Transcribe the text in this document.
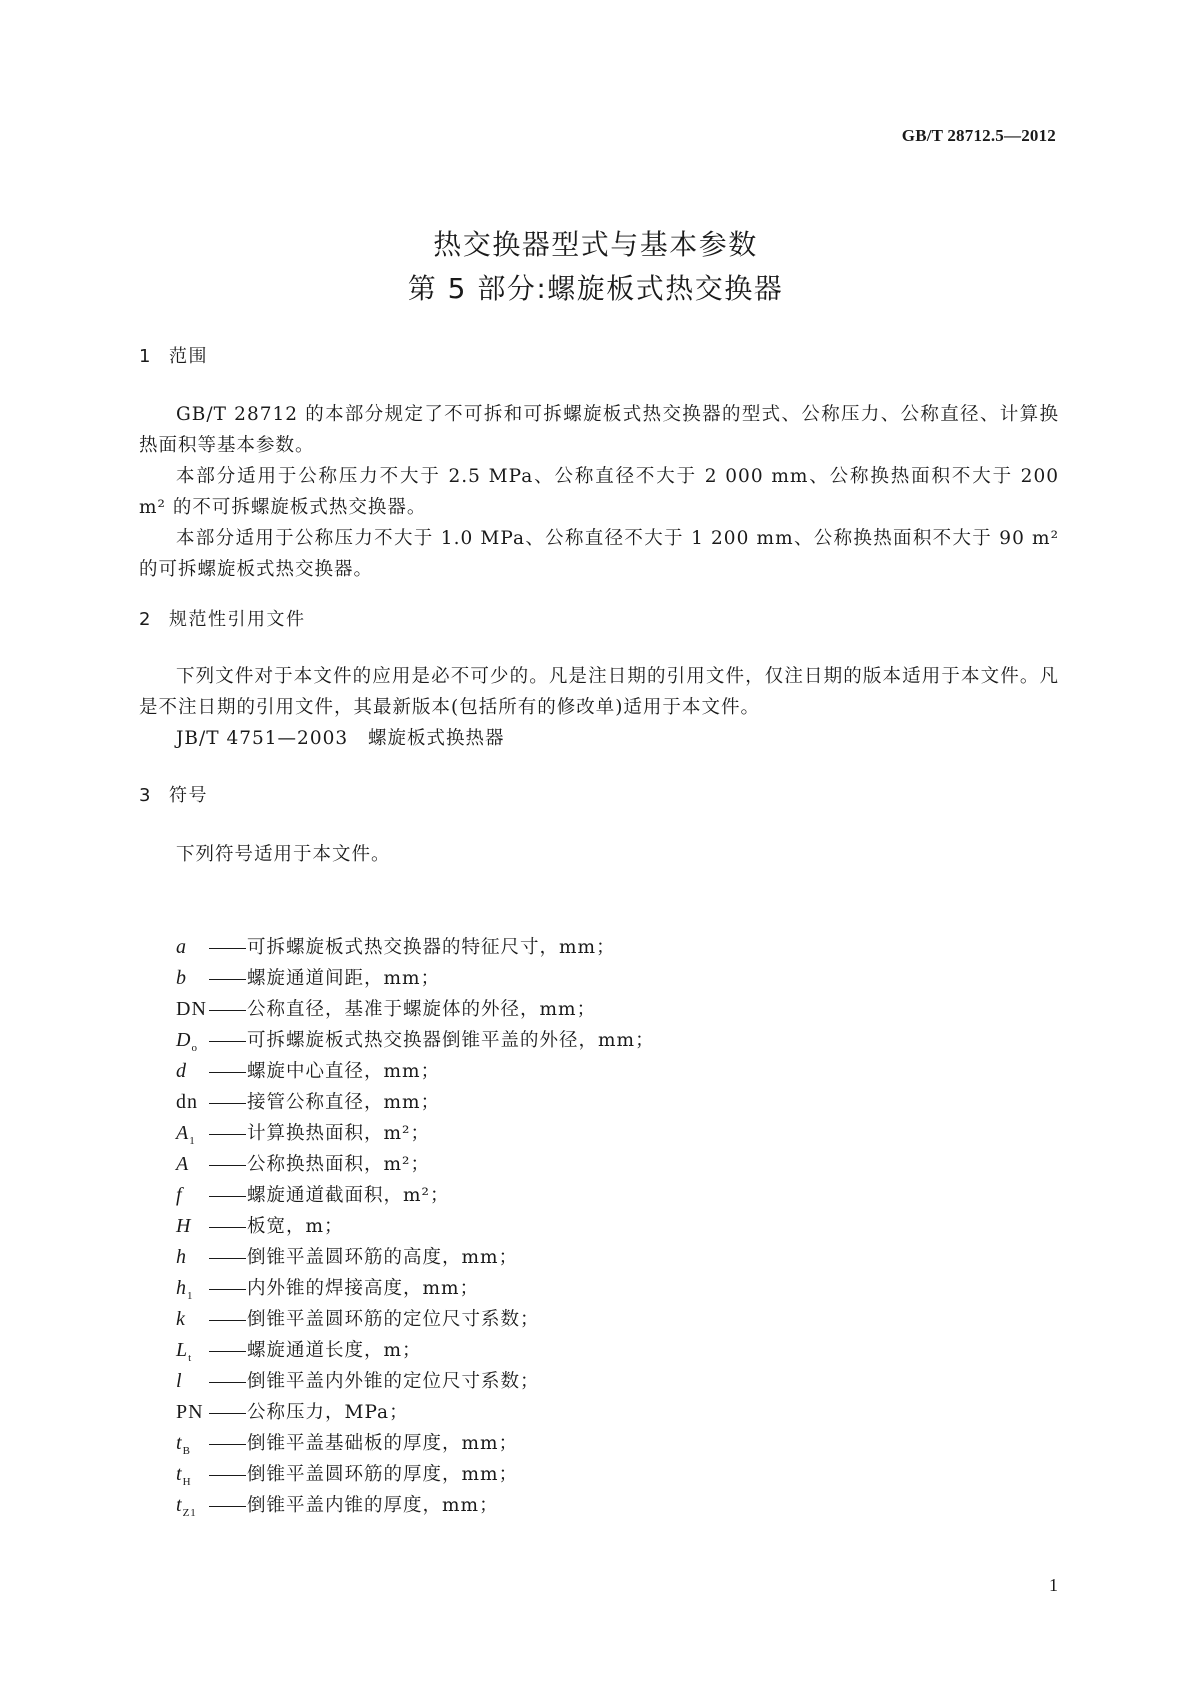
GB/T 28712.5—2012
热交换器型式与基本参数
第 5 部分:螺旋板式热交换器
1 范围
GB/T 28712 的本部分规定了不可拆和可拆螺旋板式热交换器的型式、公称压力、公称直径、计算换热面积等基本参数。
本部分适用于公称压力不大于 2.5 MPa、公称直径不大于 2 000 mm、公称换热面积不大于 200 m² 的不可拆螺旋板式热交换器。
本部分适用于公称压力不大于 1.0 MPa、公称直径不大于 1 200 mm、公称换热面积不大于 90 m² 的可拆螺旋板式热交换器。
2 规范性引用文件
下列文件对于本文件的应用是必不可少的。凡是注日期的引用文件，仅注日期的版本适用于本文件。凡是不注日期的引用文件，其最新版本(包括所有的修改单)适用于本文件。
JB/T 4751—2003 螺旋板式换热器
3 符号
下列符号适用于本文件。
a	可拆螺旋板式热交换器的特征尺寸，mm；
b	螺旋通道间距，mm；
DN 公称直径，基准于螺旋体的外径，mm；
$D_o$	可拆螺旋板式热交换器倒锥平盖的外径，mm；
d	螺旋中心直径，mm；
dn	接管公称直径，mm；
$A_1$	计算换热面积，m²；
A	公称换热面积，m²；
f	螺旋通道截面积，m²；
H	板宽，m；
h	倒锥平盖圆环筋的高度，mm；
$h_1$	内外锥的焊接高度，mm；
k	倒锥平盖圆环筋的定位尺寸系数；
$L_t$	螺旋通道长度，m；
l	倒锥平盖内外锥的定位尺寸系数；
PN 公称压力，MPa；
$t_B$	倒锥平盖基础板的厚度，mm；
$t_H$	倒锥平盖圆环筋的厚度，mm；
$t_{Z1}$	倒锥平盖内锥的厚度，mm；
1
